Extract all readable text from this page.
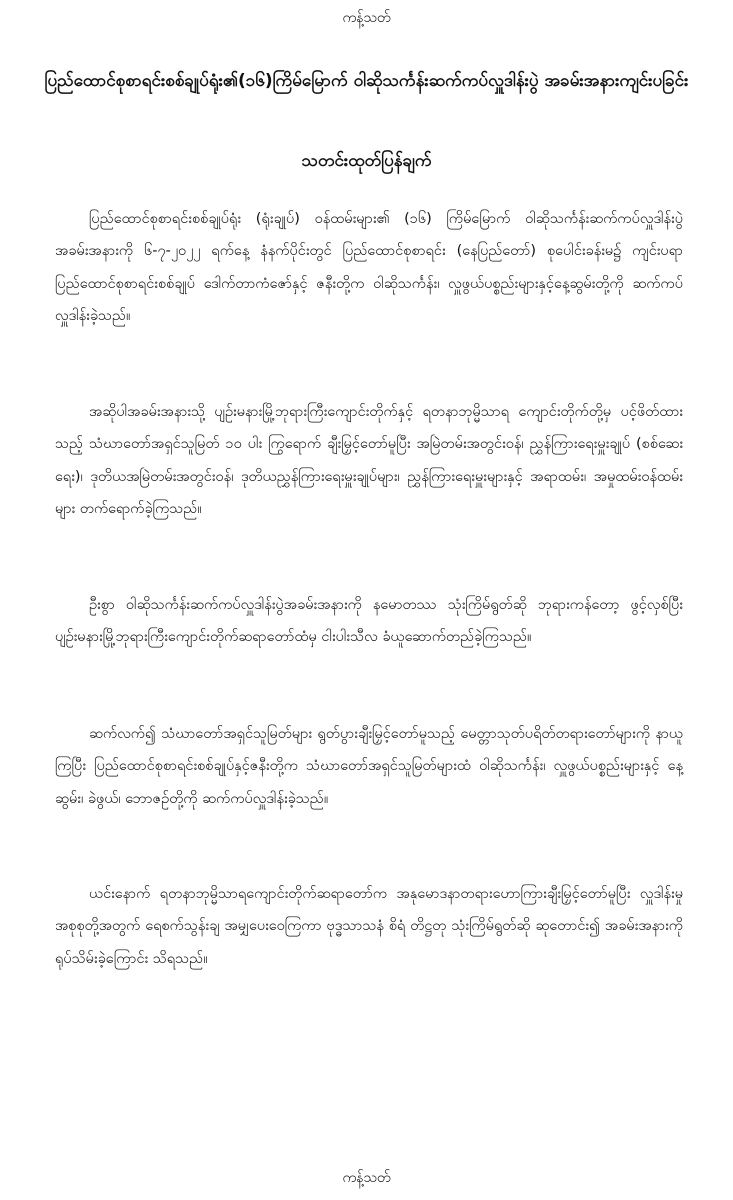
ကန့်သတ်
ပြည်ထောင်စုစာရင်းစစ်ချုပ်ရုံး၏(၁၆)ကြိမ်မြောက် ဝါဆိုသင်္ကန်းဆက်ကပ်လှူဒါန်းပွဲ အခမ်းအနားကျင်းပခြင်း
သတင်းထုတ်ပြန်ချက်

ပြည်ထောင်စုစာရင်းစစ်ချုပ်ရုံး (ရုံးချုပ်) ဝန်ထမ်းများ၏ (၁၆) ကြိမ်မြောက် ဝါဆိုသင်္ကန်းဆက်ကပ်လှူဒါန်းပွဲအခမ်းအနားကို ၆-၇-၂၀၂၂ ရက်နေ့ နံနက်ပိုင်းတွင် ပြည်ထောင်စုစာရင်း (နေပြည်တော်) စုပေါင်းခန်းမ၌ ကျင်းပရာ ပြည်ထောင်စုစာရင်းစစ်ချုပ် ဒေါက်တာကံဇော်နှင့် ဇနီးတို့က ဝါဆိုသင်္ကန်း၊ လှူဖွယ်ပစ္စည်းများနှင့်နေ့ဆွမ်းတို့ကို ဆက်ကပ်လှူဒါန်းခဲ့သည်။

အဆိုပါအခမ်းအနားသို့ ပျဉ်းမနားမြို့ဘုရားကြီးကျောင်းတိုက်နှင့် ရတနာဘုမ္မိသာရ ကျောင်းတိုက်တို့မှ ပင့်ဖိတ်ထားသည့် သံဃာတော်အရှင်သူမြတ် ၁၀ ပါး ကြွရောက် ချီးမြှင့်တော်မူပြီး အမြဲတမ်းအတွင်းဝန်၊ ညွှန်ကြားရေးမှူးချုပ် (စစ်ဆေးရေး)၊ ဒုတိယအမြဲတမ်းအတွင်းဝန်၊ ဒုတိယညွှန်ကြားရေးမှူးချုပ်များ၊ ညွှန်ကြားရေးမှူးများနှင့် အရာထမ်း၊ အမှုထမ်းဝန်ထမ်းများ တက်ရောက်ခဲ့ကြသည်။

ဦးစွာ ဝါဆိုသင်္ကန်းဆက်ကပ်လှူဒါန်းပွဲအခမ်းအနားကို နမောတဿ သုံးကြိမ်ရွတ်ဆို ဘုရားကန်တော့ ဖွင့်လှစ်ပြီး ပျဉ်းမနားမြို့ဘုရားကြီးကျောင်းတိုက်ဆရာတော်ထံမှ ငါးပါးသီလ ခံယူဆောက်တည်ခဲ့ကြသည်။

ဆက်လက်၍ သံဃာတော်အရှင်သူမြတ်များ ရွတ်ပွားချီးမြှင့်တော်မူသည့် မေတ္တာသုတ်ပရိတ်တရားတော်များကို နာယူကြပြီး ပြည်ထောင်စုစာရင်းစစ်ချုပ်နှင့်ဇနီးတို့က သံဃာတော်အရှင်သူမြတ်များထံ ဝါဆိုသင်္ကန်း၊ လှူဖွယ်ပစ္စည်းများနှင့် နေ့ဆွမ်း၊ ခဲဖွယ်၊ ဘောဇဉ်တို့ကို ဆက်ကပ်လှူဒါန်းခဲ့သည်။

ယင်းနောက် ရတနာဘုမ္မိသာရကျောင်းတိုက်ဆရာတော်က အနုမောဒနာတရားဟောကြားချီးမြှင့်တော်မူပြီး လှူဒါန်းမှုအစုစုတို့အတွက် ရေစက်သွန်းချ အမျှပေးဝေကြကာ ဗုဒ္ဓသာသနံ စိရံ တိဋ္ဌတု သုံးကြိမ်ရွတ်ဆို ဆုတောင်း၍ အခမ်းအနားကို ရုပ်သိမ်းခဲ့ကြောင်း သိရသည်။

ကန့်သတ်
